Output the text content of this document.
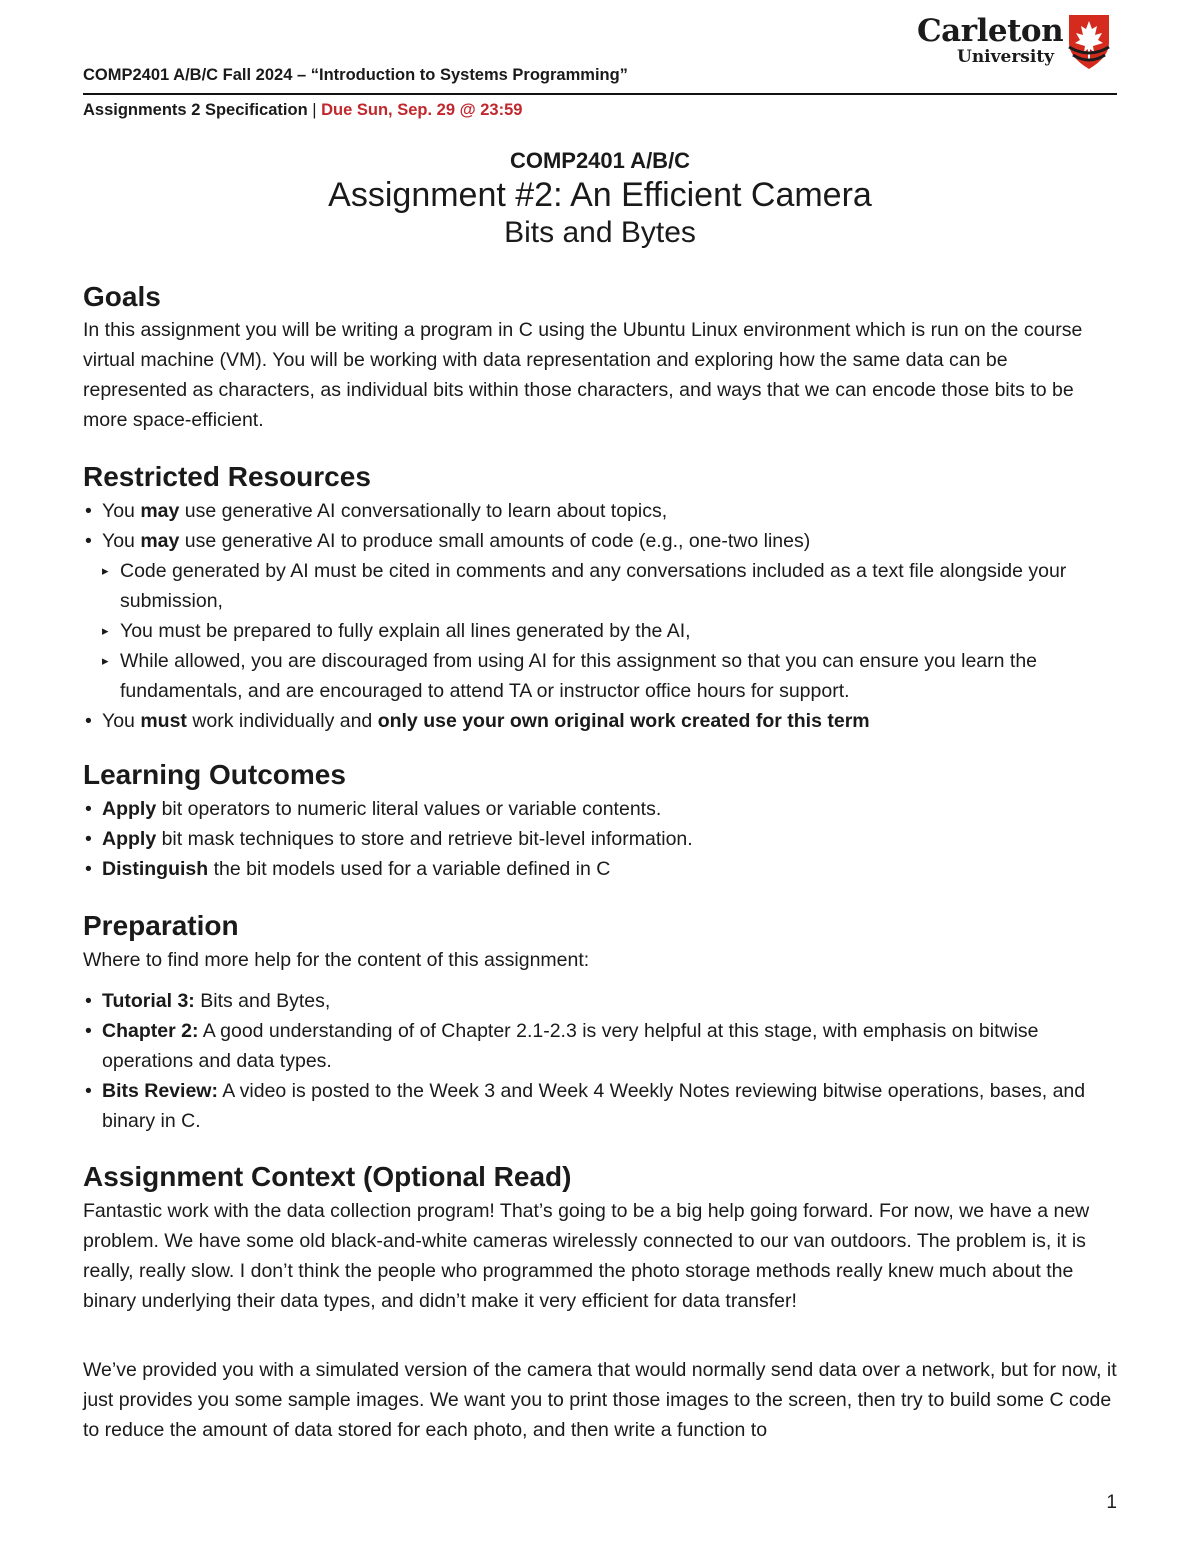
Carleton
University
COMP2401 A/B/C Fall 2024 – “Introduction to Systems Programming”
Assignments 2 Specification | Due Sun, Sep. 29 @ 23:59
COMP2401 A/B/C
Assignment #2: An Efficient Camera
Bits and Bytes
Goals

In this assignment you will be writing a program in C using the Ubuntu Linux environment which is run on the course virtual machine (VM). You will be working with data representation and exploring how the same data can be represented as characters, as individual bits within those characters, and ways that we can encode those bits to be more space-efficient.

Restricted Resources
• You may use generative AI conversationally to learn about topics,
• You may use generative AI to produce small amounts of code (e.g., one-two lines)
▸ Code generated by AI must be cited in comments and any conversations included as a text file alongside your submission,
▸ You must be prepared to fully explain all lines generated by the AI,
▸ While allowed, you are discouraged from using AI for this assignment so that you can ensure you learn the fundamentals, and are encouraged to attend TA or instructor office hours for support.
• You must work individually and only use your own original work created for this term
Learning Outcomes
• Apply bit operators to numeric literal values or variable contents.
• Apply bit mask techniques to store and retrieve bit-level information.
• Distinguish the bit models used for a variable defined in C
Preparation

Where to find more help for the content of this assignment:

• Tutorial 3: Bits and Bytes,
• Chapter 2: A good understanding of of Chapter 2.1-2.3 is very helpful at this stage, with emphasis on bitwise operations and data types.
• Bits Review: A video is posted to the Week 3 and Week 4 Weekly Notes reviewing bitwise operations, bases, and binary in C.
Assignment Context (Optional Read)

Fantastic work with the data collection program! That’s going to be a big help going forward. For now, we have a new problem. We have some old black-and-white cameras wirelessly connected to our van outdoors. The problem is, it is really, really slow. I don’t think the people who programmed the photo storage methods really knew much about the binary underlying their data types, and didn’t make it very efficient for data transfer!

We’ve provided you with a simulated version of the camera that would normally send data over a network, but for now, it just provides you some sample images. We want you to print those images to the screen, then try to build some C code to reduce the amount of data stored for each photo, and then write a function to

1
